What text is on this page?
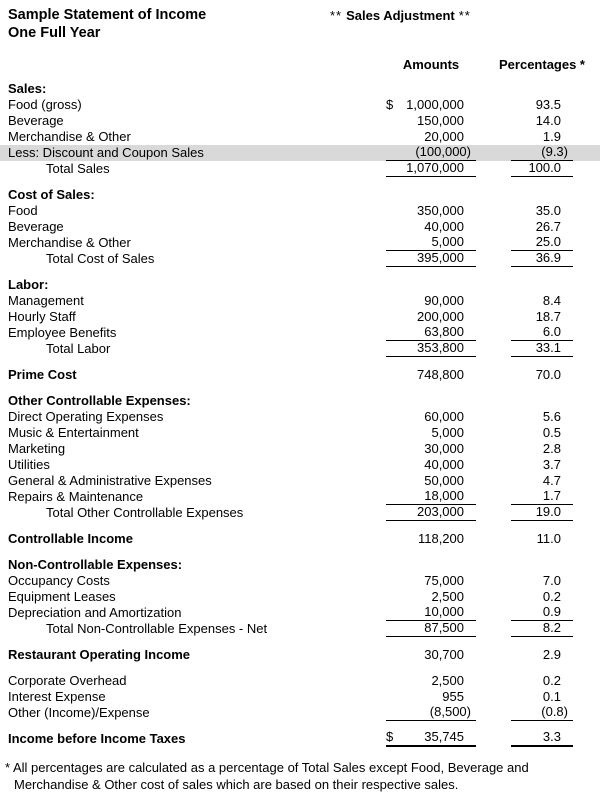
Sample Statement of Income
One Full Year
** Sales Adjustment **
Amounts	Percentages *
Sales:
Food (gross)	$ 1,000,000	93.5
Beverage	150,000	14.0
Merchandise & Other	20,000	1.9
Less: Discount and Coupon Sales	(100,000)	(9.3)
Total Sales	1,070,000	100.0
Cost of Sales:
Food	350,000	35.0
Beverage	40,000	26.7
Merchandise & Other	5,000	25.0
Total Cost of Sales	395,000	36.9
Labor:
Management	90,000	8.4
Hourly Staff	200,000	18.7
Employee Benefits	63,800	6.0
Total Labor	353,800	33.1
Prime Cost	748,800	70.0
Other Controllable Expenses:
Direct Operating Expenses	60,000	5.6
Music & Entertainment	5,000	0.5
Marketing	30,000	2.8
Utilities	40,000	3.7
General & Administrative Expenses	50,000	4.7
Repairs & Maintenance	18,000	1.7
Total Other Controllable Expenses	203,000	19.0
Controllable Income	118,200	11.0
Non-Controllable Expenses:
Occupancy Costs	75,000	7.0
Equipment Leases	2,500	0.2
Depreciation and Amortization	10,000	0.9
Total Non-Controllable Expenses - Net	87,500	8.2
Restaurant Operating Income	30,700	2.9
Corporate Overhead	2,500	0.2
Interest Expense	955	0.1
Other (Income)/Expense	(8,500)	(0.8)
Income before Income Taxes	$ 35,745	3.3
* All percentages are calculated as a percentage of Total Sales except Food, Beverage and
Merchandise & Other cost of sales which are based on their respective sales.
